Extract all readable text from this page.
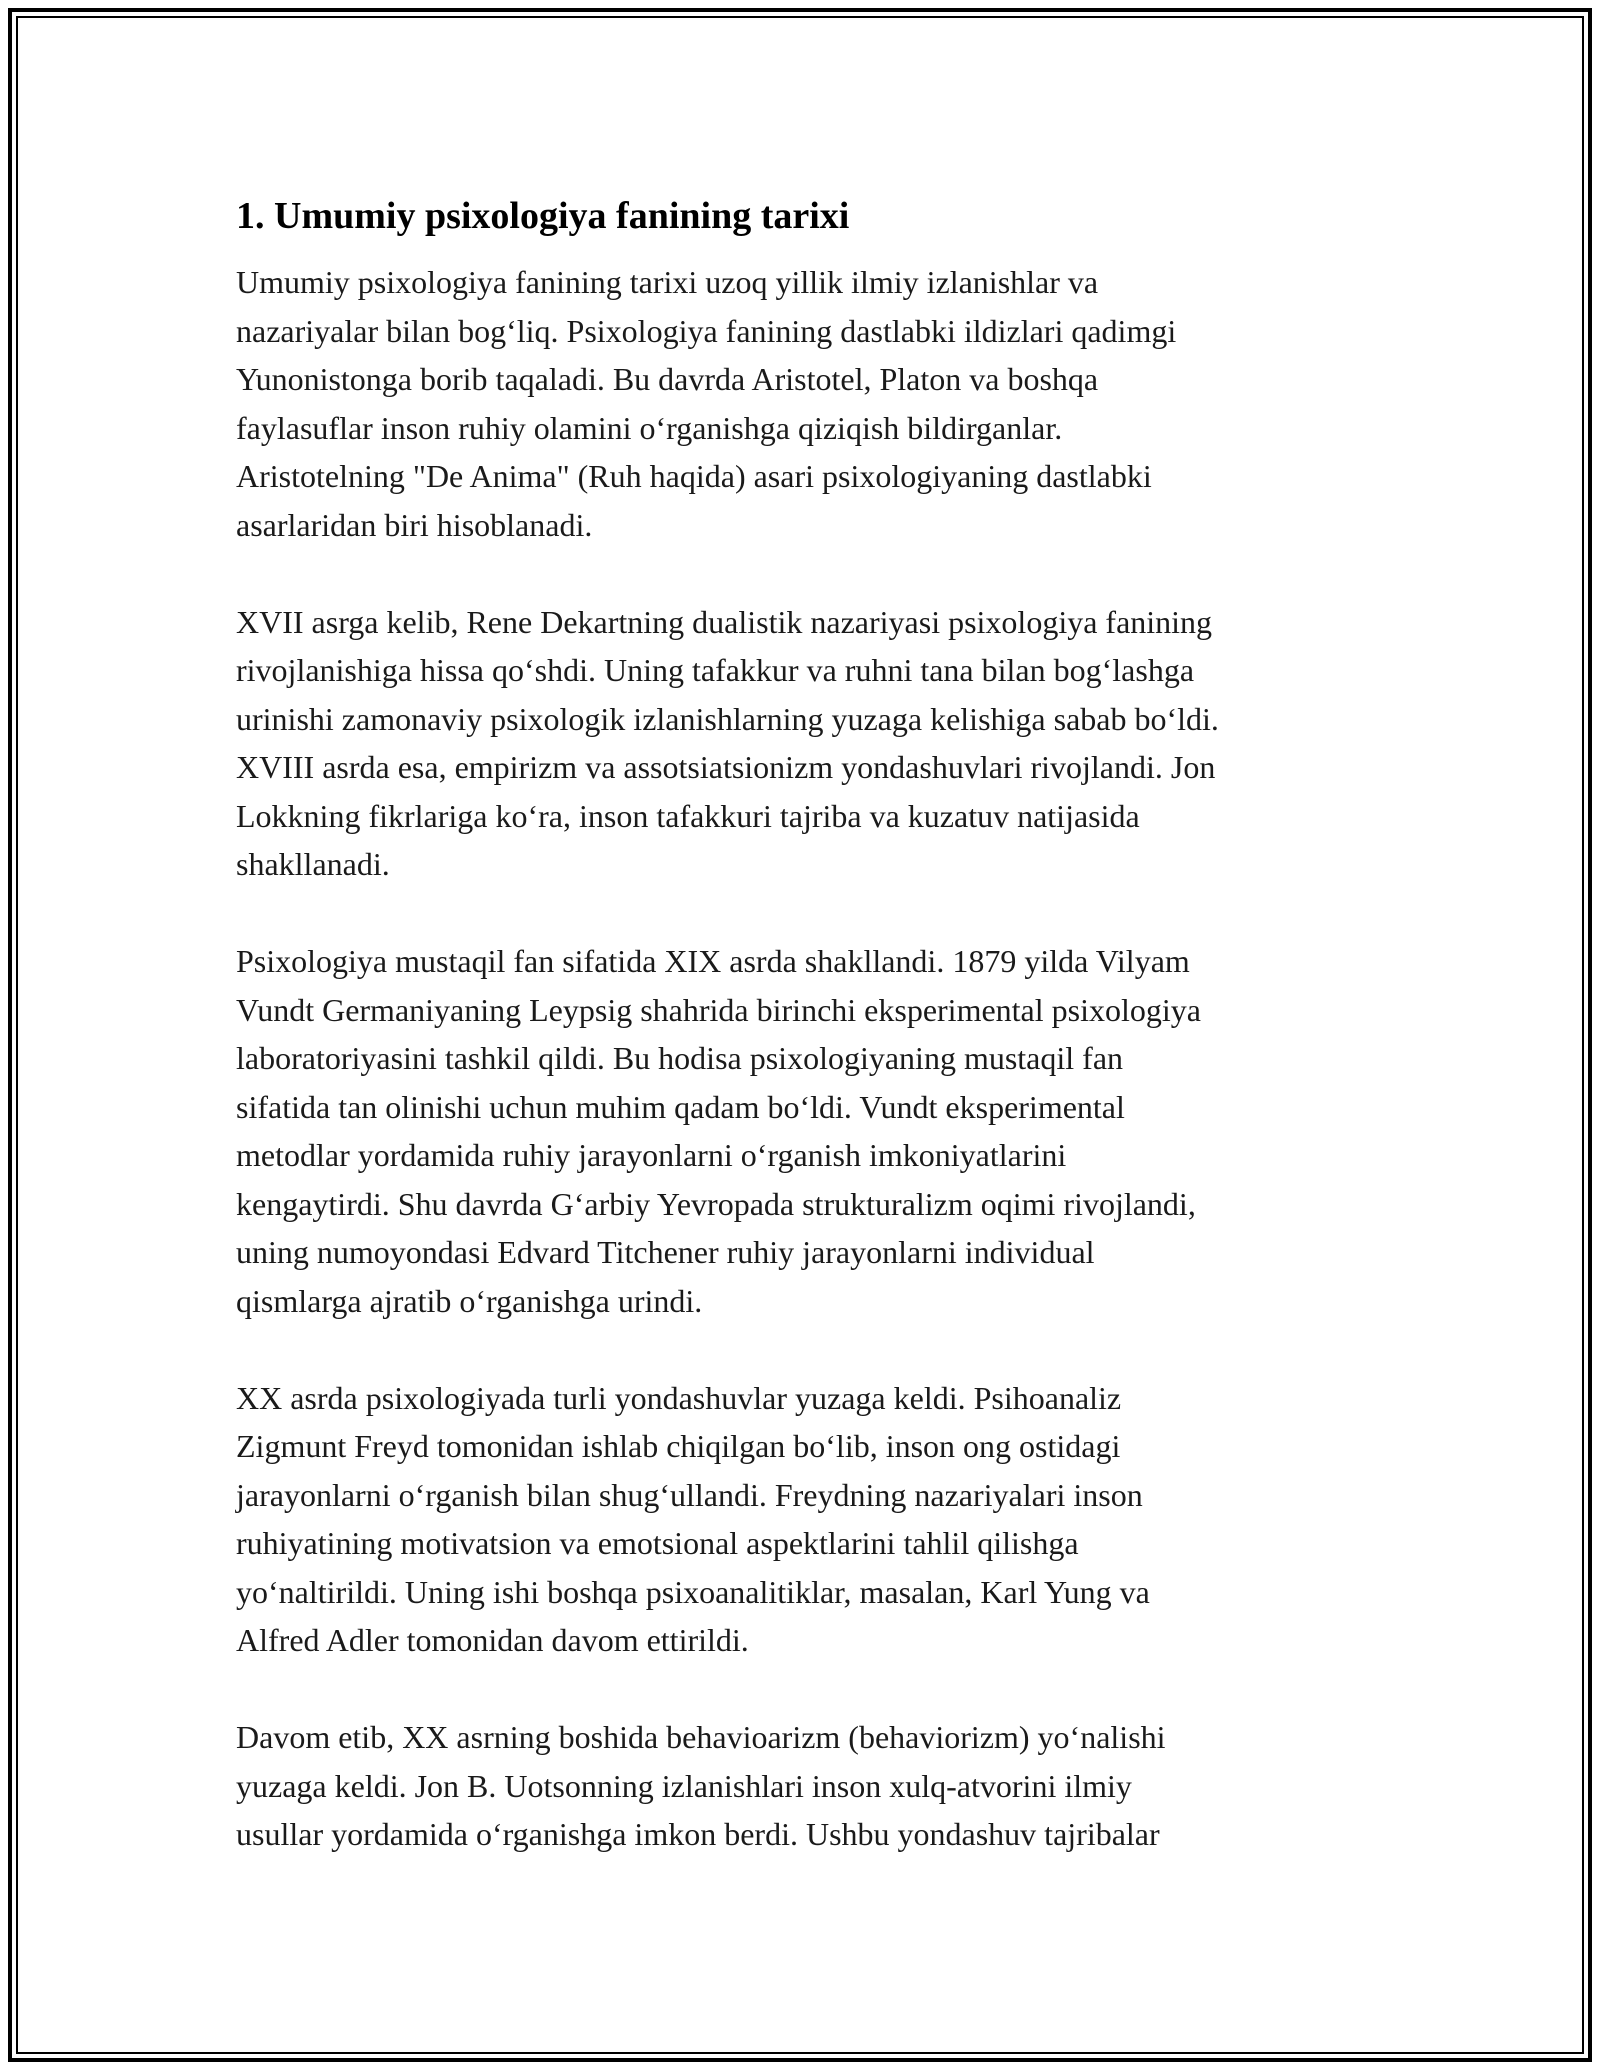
1. Umumiy psixologiya fanining tarixi

Umumiy psixologiya fanining tarixi uzoq yillik ilmiy izlanishlar va
nazariyalar bilan bog‘liq. Psixologiya fanining dastlabki ildizlari qadimgi
Yunonistonga borib taqaladi. Bu davrda Aristotel, Platon va boshqa
faylasuflar inson ruhiy olamini o‘rganishga qiziqish bildirganlar.
Aristotelning "De Anima" (Ruh haqida) asari psixologiyaning dastlabki
asarlaridan biri hisoblanadi.

XVII asrga kelib, Rene Dekartning dualistik nazariyasi psixologiya fanining
rivojlanishiga hissa qo‘shdi. Uning tafakkur va ruhni tana bilan bog‘lashga
urinishi zamonaviy psixologik izlanishlarning yuzaga kelishiga sabab bo‘ldi.
XVIII asrda esa, empirizm va assotsiatsionizm yondashuvlari rivojlandi. Jon
Lokkning fikrlariga ko‘ra, inson tafakkuri tajriba va kuzatuv natijasida
shakllanadi.

Psixologiya mustaqil fan sifatida XIX asrda shakllandi. 1879 yilda Vilyam
Vundt Germaniyaning Leypsig shahrida birinchi eksperimental psixologiya
laboratoriyasini tashkil qildi. Bu hodisa psixologiyaning mustaqil fan
sifatida tan olinishi uchun muhim qadam bo‘ldi. Vundt eksperimental
metodlar yordamida ruhiy jarayonlarni o‘rganish imkoniyatlarini
kengaytirdi. Shu davrda G‘arbiy Yevropada strukturalizm oqimi rivojlandi,
uning numoyondasi Edvard Titchener ruhiy jarayonlarni individual
qismlarga ajratib o‘rganishga urindi.

XX asrda psixologiyada turli yondashuvlar yuzaga keldi. Psihoanaliz
Zigmunt Freyd tomonidan ishlab chiqilgan bo‘lib, inson ong ostidagi
jarayonlarni o‘rganish bilan shug‘ullandi. Freydning nazariyalari inson
ruhiyatining motivatsion va emotsional aspektlarini tahlil qilishga
yo‘naltirildi. Uning ishi boshqa psixoanalitiklar, masalan, Karl Yung va
Alfred Adler tomonidan davom ettirildi.

Davom etib, XX asrning boshida behavioarizm (behaviorizm) yo‘nalishi
yuzaga keldi. Jon B. Uotsonning izlanishlari inson xulq-atvorini ilmiy
usullar yordamida o‘rganishga imkon berdi. Ushbu yondashuv tajribalar
